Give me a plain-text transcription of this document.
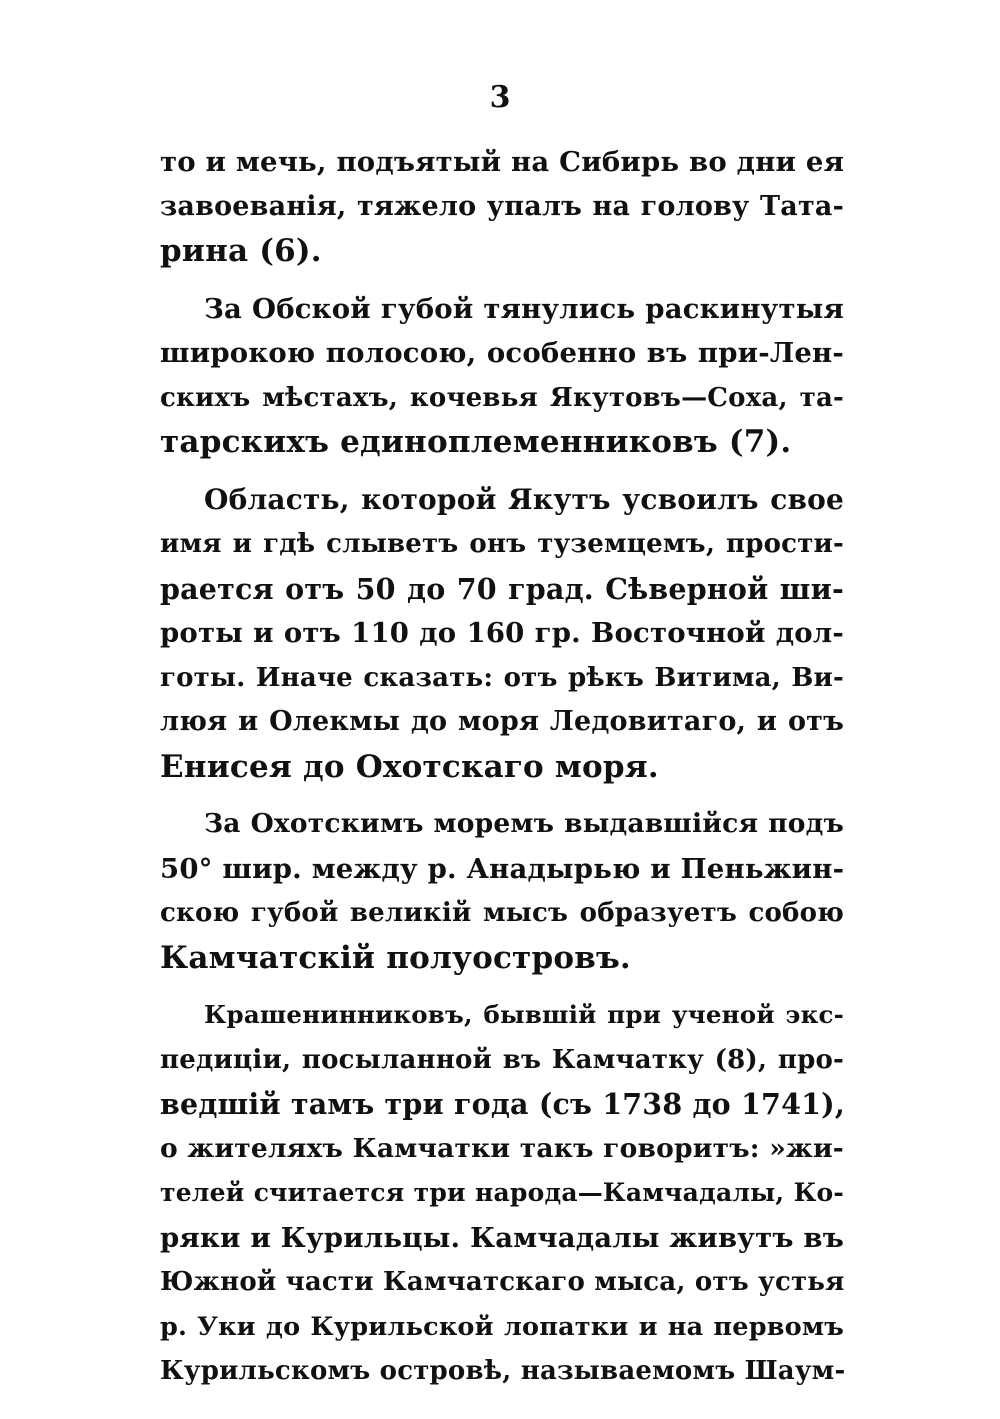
3
то и мечь, подъятый на Сибирь во дни ея
завоеванія, тяжело упалъ на голову Тата-
рина (6).
За Обской губой тянулись раскинутыя
широкою полосою, особенно въ при-Лен-
скихъ мѣстахъ, кочевья Якутовъ—Соха, та-
тарскихъ единоплеменниковъ (7).
Область, которой Якутъ усвоилъ свое
имя и гдѣ слыветъ онъ туземцемъ, прости-
рается отъ 50 до 70 град. Сѣверной ши-
роты и отъ 110 до 160 гр. Восточной дол-
готы. Иначе сказать: отъ рѣкъ Витима, Ви-
люя и Олекмы до моря Ледовитаго, и отъ
Енисея до Охотскаго моря.
За Охотскимъ моремъ выдавшійся подъ
50° шир. между р. Анадырью и Пеньжин-
скою губой великій мысъ образуетъ собою
Камчатскій полуостровъ.
Крашенинниковъ, бывшій при ученой экс-
педиціи, посыланной въ Камчатку (8), про-
ведшій тамъ три года (съ 1738 до 1741),
о жителяхъ Камчатки такъ говоритъ: »жи-
телей считается три народа—Камчадалы, Ко-
ряки и Курильцы. Камчадалы живутъ въ
Южной части Камчатскаго мыса, отъ устья
р. Уки до Курильской лопатки и на первомъ
Курильскомъ островѣ, называемомъ Шаум-
